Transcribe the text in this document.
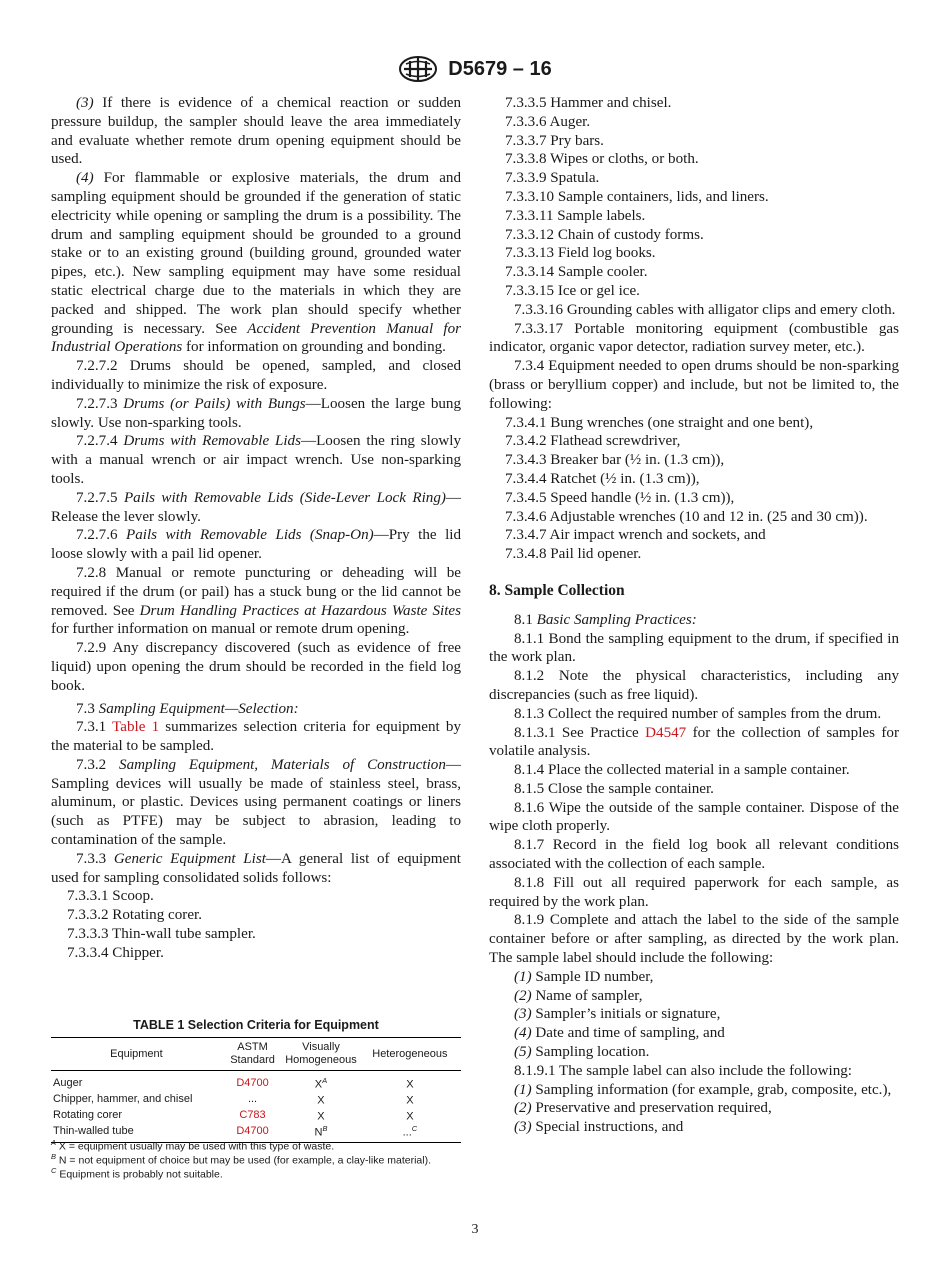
D5679 – 16

(3) If there is evidence of a chemical reaction or sudden pressure buildup, the sampler should leave the area immediately and evaluate whether remote drum opening equipment should be used.

(4) For flammable or explosive materials, the drum and sampling equipment should be grounded if the generation of static electricity while opening or sampling the drum is a possibility. The drum and sampling equipment should be grounded to a ground stake or to an existing ground (building ground, grounded water pipes, etc.). New sampling equipment may have some residual static electrical charge due to the materials in which they are packed and shipped. The work plan should specify whether grounding is necessary. See Accident Prevention Manual for Industrial Operations for information on grounding and bonding.

7.2.7.2 Drums should be opened, sampled, and closed individually to minimize the risk of exposure.

7.2.7.3 Drums (or Pails) with Bungs—Loosen the large bung slowly. Use non-sparking tools.

7.2.7.4 Drums with Removable Lids—Loosen the ring slowly with a manual wrench or air impact wrench. Use non-sparking tools.

7.2.7.5 Pails with Removable Lids (Side-Lever Lock Ring)—Release the lever slowly.

7.2.7.6 Pails with Removable Lids (Snap-On)—Pry the lid loose slowly with a pail lid opener.

7.2.8 Manual or remote puncturing or deheading will be required if the drum (or pail) has a stuck bung or the lid cannot be removed. See Drum Handling Practices at Hazardous Waste Sites for further information on manual or remote drum opening.

7.2.9 Any discrepancy discovered (such as evidence of free liquid) upon opening the drum should be recorded in the field log book.

7.3 Sampling Equipment—Selection:

7.3.1 Table 1 summarizes selection criteria for equipment by the material to be sampled.

7.3.2 Sampling Equipment, Materials of Construction—Sampling devices will usually be made of stainless steel, brass, aluminum, or plastic. Devices using permanent coatings or liners (such as PTFE) may be subject to abrasion, leading to contamination of the sample.

7.3.3 Generic Equipment List—A general list of equipment used for sampling consolidated solids follows:

7.3.3.1 Scoop.

7.3.3.2 Rotating corer.

7.3.3.3 Thin-wall tube sampler.

7.3.3.4 Chipper.

TABLE 1 Selection Criteria for Equipment
Equipment	ASTM Standard	Visually Homogeneous	Heterogeneous
Auger	D4700	$X^A$	X
Chipper, hammer, and chisel	...	X	X
Rotating corer	C783	X	X
Thin-walled tube	D4700	$N^B$	...$^C$
$^A$ X = equipment usually may be used with this type of waste.
$^B$ N = not equipment of choice but may be used (for example, a clay-like material).
$^C$ Equipment is probably not suitable.

7.3.3.5 Hammer and chisel.

7.3.3.6 Auger.

7.3.3.7 Pry bars.

7.3.3.8 Wipes or cloths, or both.

7.3.3.9 Spatula.

7.3.3.10 Sample containers, lids, and liners.

7.3.3.11 Sample labels.

7.3.3.12 Chain of custody forms.

7.3.3.13 Field log books.

7.3.3.14 Sample cooler.

7.3.3.15 Ice or gel ice.

7.3.3.16 Grounding cables with alligator clips and emery cloth.

7.3.3.17 Portable monitoring equipment (combustible gas indicator, organic vapor detector, radiation survey meter, etc.).

7.3.4 Equipment needed to open drums should be non-sparking (brass or beryllium copper) and include, but not be limited to, the following:

7.3.4.1 Bung wrenches (one straight and one bent),

7.3.4.2 Flathead screwdriver,

7.3.4.3 Breaker bar (½ in. (1.3 cm)),

7.3.4.4 Ratchet (½ in. (1.3 cm)),

7.3.4.5 Speed handle (½ in. (1.3 cm)),

7.3.4.6 Adjustable wrenches (10 and 12 in. (25 and 30 cm)).

7.3.4.7 Air impact wrench and sockets, and

7.3.4.8 Pail lid opener.

8. Sample Collection

8.1 Basic Sampling Practices:

8.1.1 Bond the sampling equipment to the drum, if specified in the work plan.

8.1.2 Note the physical characteristics, including any discrepancies (such as free liquid).

8.1.3 Collect the required number of samples from the drum.

8.1.3.1 See Practice D4547 for the collection of samples for volatile analysis.

8.1.4 Place the collected material in a sample container.

8.1.5 Close the sample container.

8.1.6 Wipe the outside of the sample container. Dispose of the wipe cloth properly.

8.1.7 Record in the field log book all relevant conditions associated with the collection of each sample.

8.1.8 Fill out all required paperwork for each sample, as required by the work plan.

8.1.9 Complete and attach the label to the side of the sample container before or after sampling, as directed by the work plan. The sample label should include the following:

(1) Sample ID number,

(2) Name of sampler,

(3) Sampler’s initials or signature,

(4) Date and time of sampling, and

(5) Sampling location.

8.1.9.1 The sample label can also include the following:

(1) Sampling information (for example, grab, composite, etc.),

(2) Preservative and preservation required,

(3) Special instructions, and

3
